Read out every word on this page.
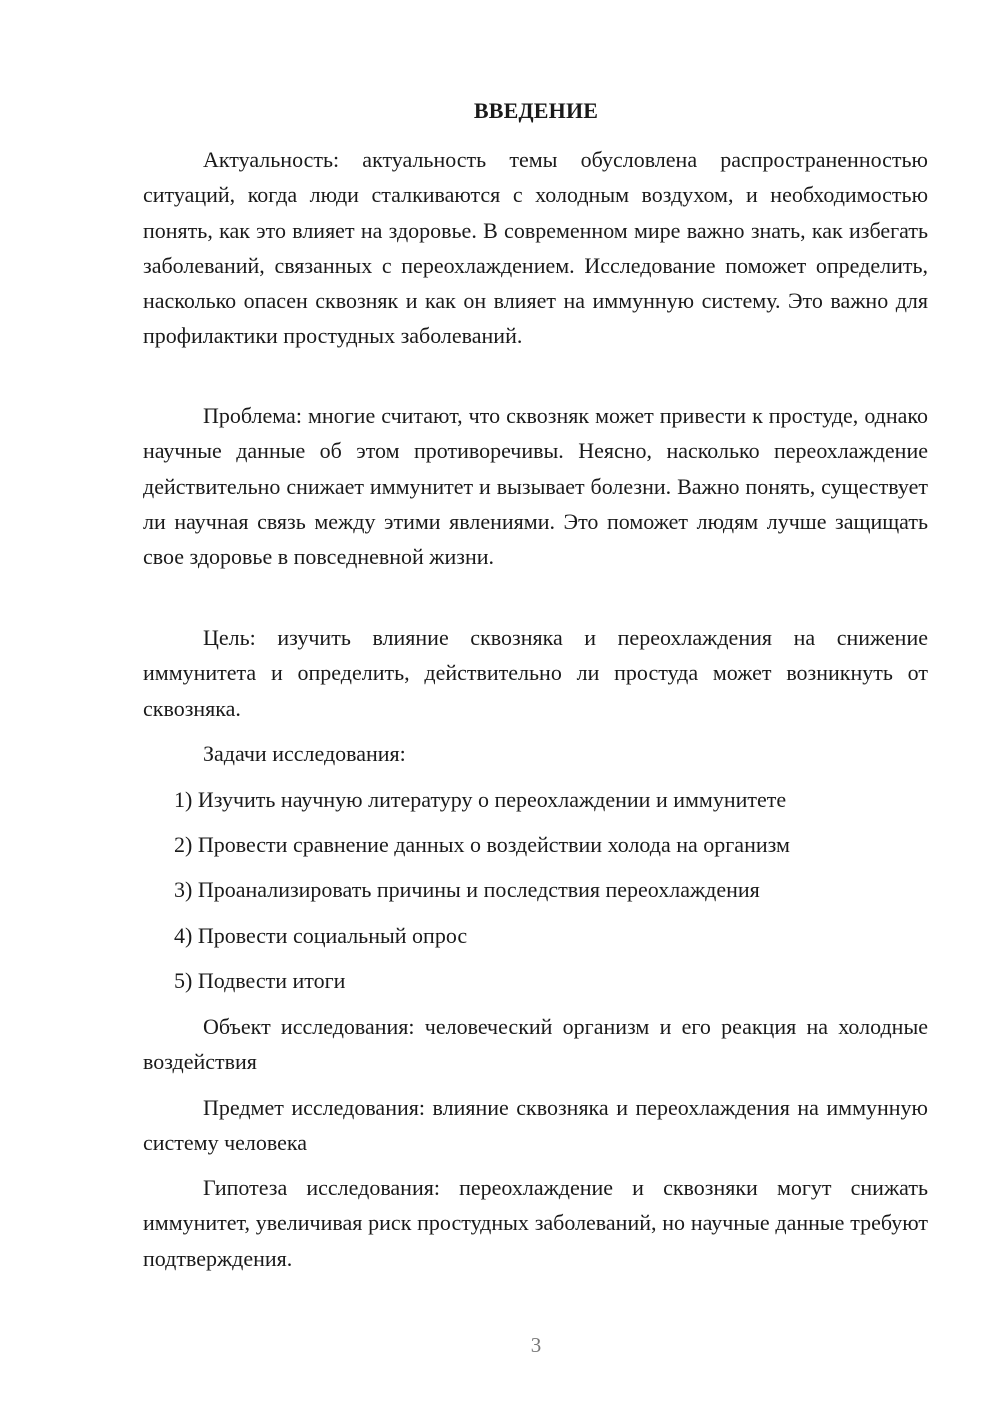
ВВЕДЕНИЕ

Актуальность: актуальность темы обусловлена распространенностью ситуаций, когда люди сталкиваются с холодным воздухом, и необходимостью понять, как это влияет на здоровье. В современном мире важно знать, как избегать заболеваний, связанных с переохлаждением. Исследование поможет определить, насколько опасен сквозняк и как он влияет на иммунную систему. Это важно для профилактики простудных заболеваний.

Проблема: многие считают, что сквозняк может привести к простуде, однако научные данные об этом противоречивы. Неясно, насколько переохлаждение действительно снижает иммунитет и вызывает болезни. Важно понять, существует ли научная связь между этими явлениями. Это поможет людям лучше защищать свое здоровье в повседневной жизни.

Цель: изучить влияние сквозняка и переохлаждения на снижение иммунитета и определить, действительно ли простуда может возникнуть от сквозняка.

Задачи исследования:

1) Изучить научную литературу о переохлаждении и иммунитете

2) Провести сравнение данных о воздействии холода на организм

3) Проанализировать причины и последствия переохлаждения

4) Провести социальный опрос

5) Подвести итоги

Объект исследования: человеческий организм и его реакция на холодные воздействия

Предмет исследования: влияние сквозняка и переохлаждения на иммунную систему человека

Гипотеза исследования: переохлаждение и сквозняки могут снижать иммунитет, увеличивая риск простудных заболеваний, но научные данные требуют подтверждения.

3
